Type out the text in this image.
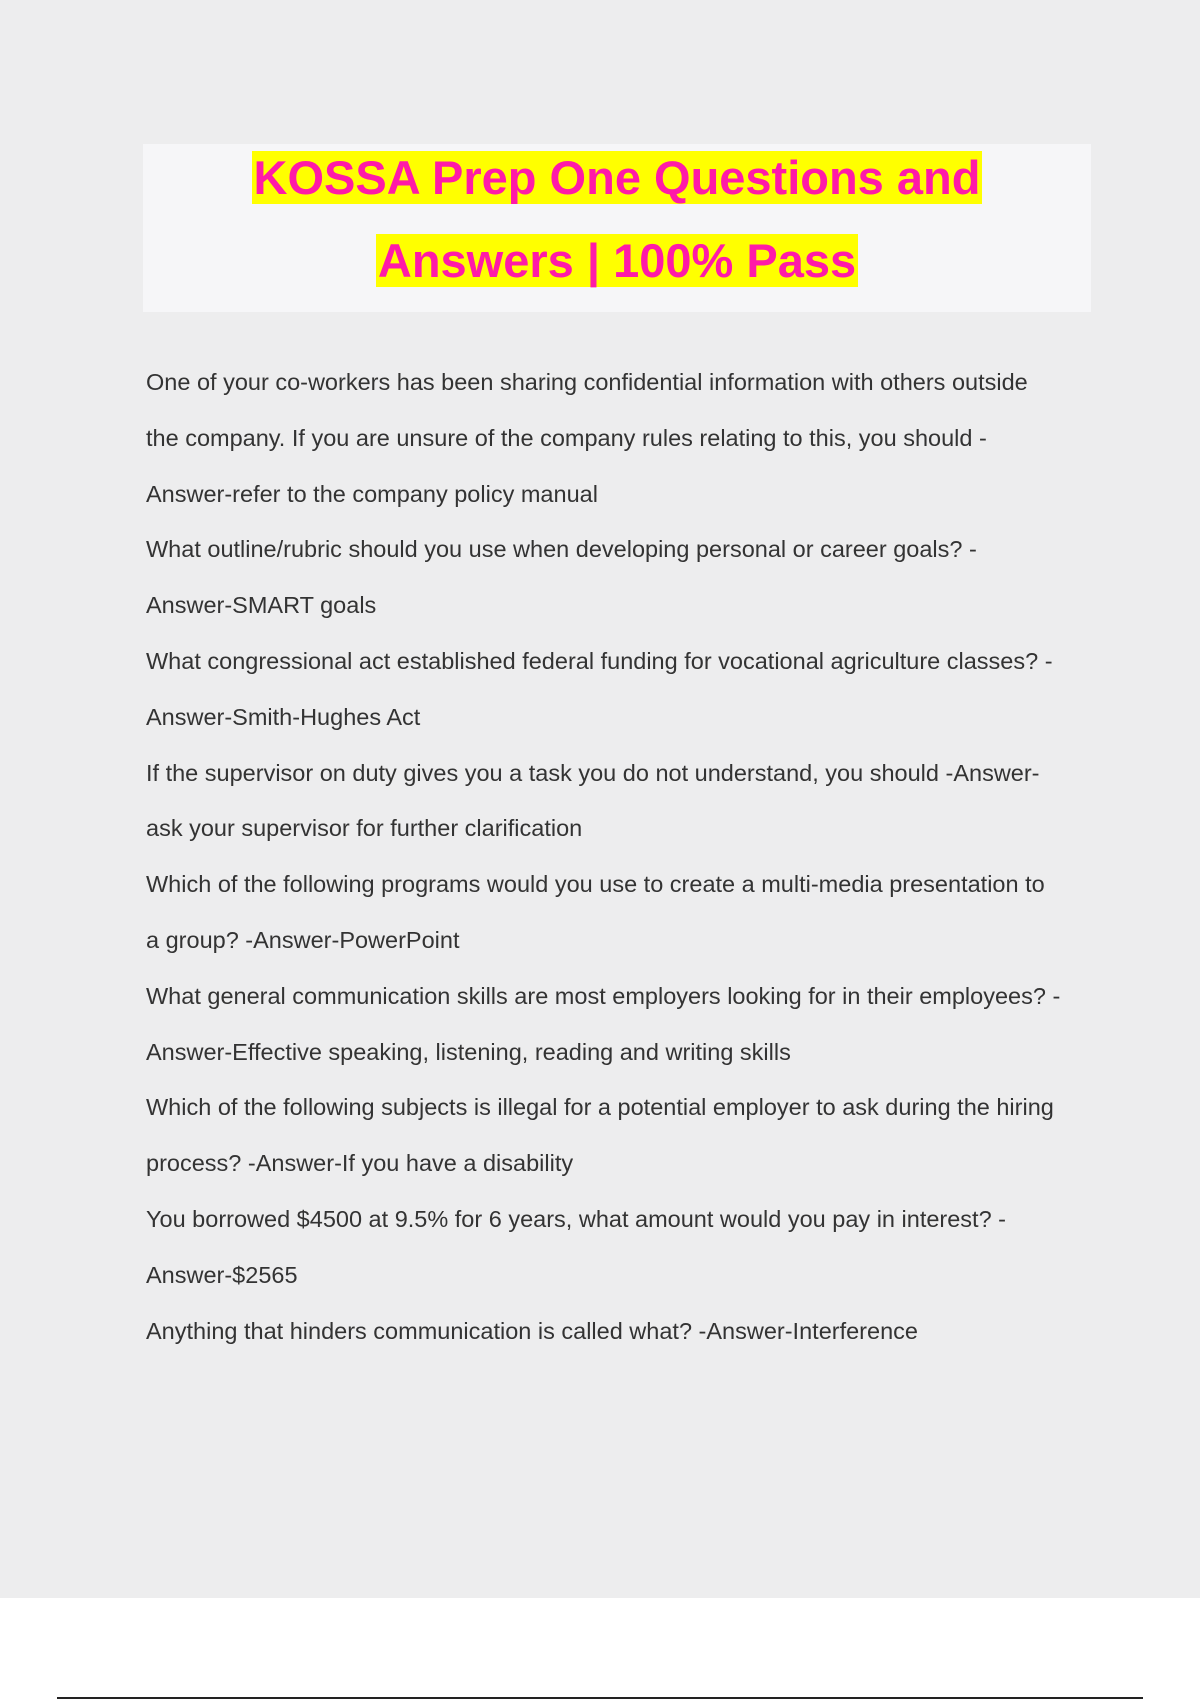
KOSSA Prep One Questions and
Answers | 100% Pass
One of your co-workers has been sharing confidential information with others outside
the company. If you are unsure of the company rules relating to this, you should -
Answer-refer to the company policy manual
What outline/rubric should you use when developing personal or career goals? -
Answer-SMART goals
What congressional act established federal funding for vocational agriculture classes? -
Answer-Smith-Hughes Act
If the supervisor on duty gives you a task you do not understand, you should -Answer-
ask your supervisor for further clarification
Which of the following programs would you use to create a multi-media presentation to
a group? -Answer-PowerPoint
What general communication skills are most employers looking for in their employees? -
Answer-Effective speaking, listening, reading and writing skills
Which of the following subjects is illegal for a potential employer to ask during the hiring
process? -Answer-If you have a disability
You borrowed $4500 at 9.5% for 6 years, what amount would you pay in interest? -
Answer-$2565
Anything that hinders communication is called what? -Answer-Interference
